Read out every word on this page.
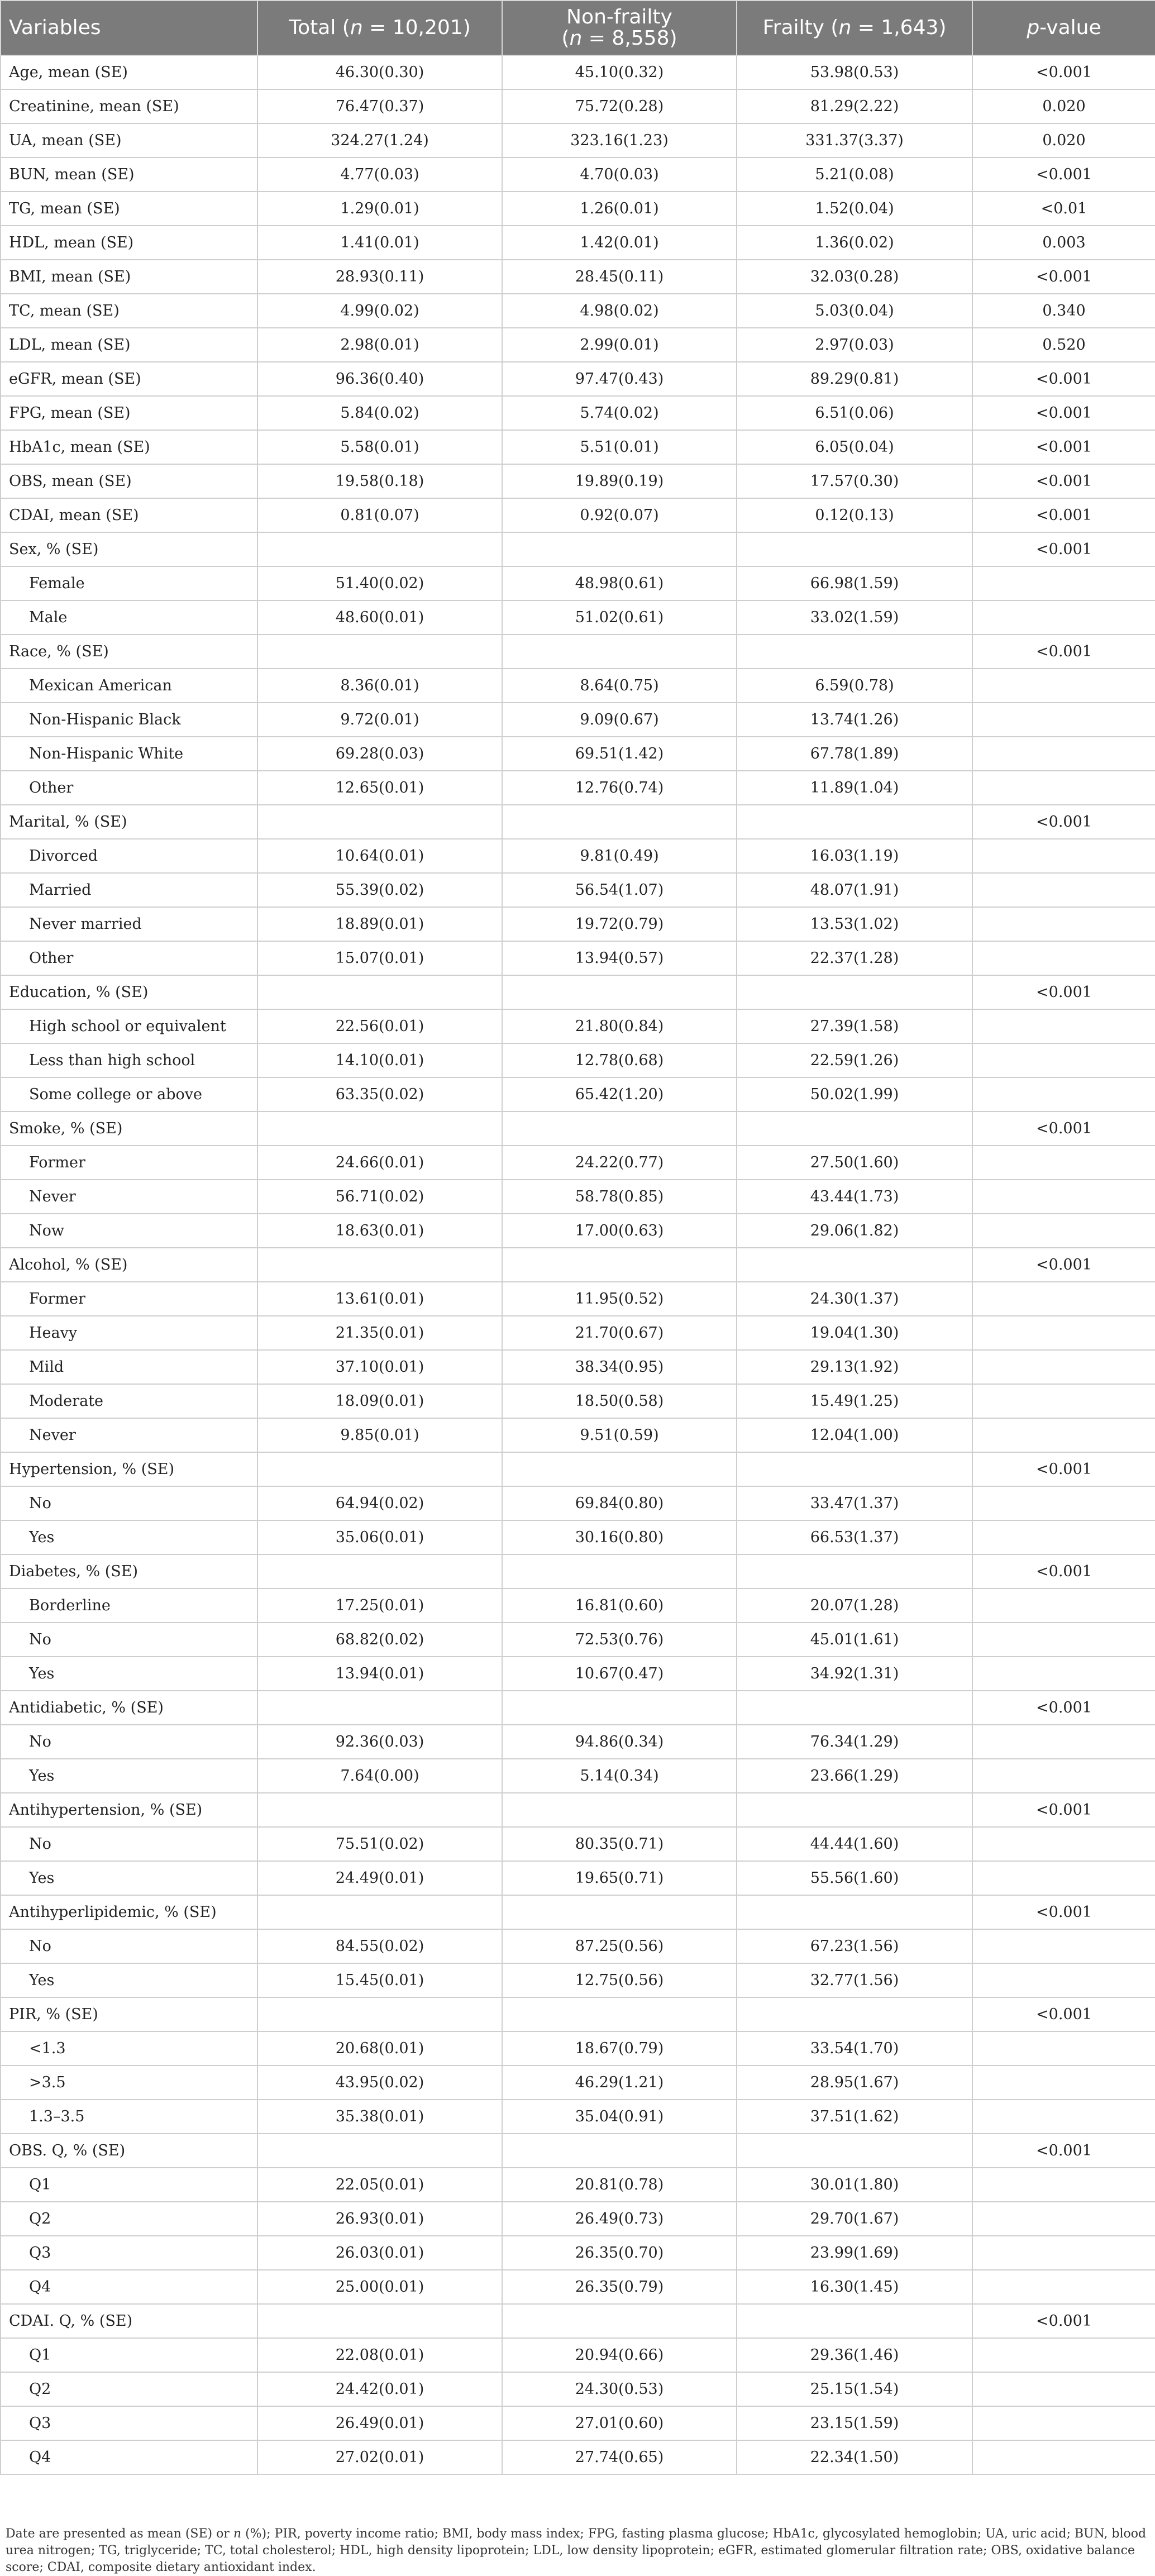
Variables	Total (n = 10,201)	Non-frailty
(n = 8,558)	Frailty (n = 1,643)	p-value
Age, mean (SE)	46.30(0.30)	45.10(0.32)	53.98(0.53)	<0.001
Creatinine, mean (SE)	76.47(0.37)	75.72(0.28)	81.29(2.22)	0.020
UA, mean (SE)	324.27(1.24)	323.16(1.23)	331.37(3.37)	0.020
BUN, mean (SE)	4.77(0.03)	4.70(0.03)	5.21(0.08)	<0.001
TG, mean (SE)	1.29(0.01)	1.26(0.01)	1.52(0.04)	<0.01
HDL, mean (SE)	1.41(0.01)	1.42(0.01)	1.36(0.02)	0.003
BMI, mean (SE)	28.93(0.11)	28.45(0.11)	32.03(0.28)	<0.001
TC, mean (SE)	4.99(0.02)	4.98(0.02)	5.03(0.04)	0.340
LDL, mean (SE)	2.98(0.01)	2.99(0.01)	2.97(0.03)	0.520
eGFR, mean (SE)	96.36(0.40)	97.47(0.43)	89.29(0.81)	<0.001
FPG, mean (SE)	5.84(0.02)	5.74(0.02)	6.51(0.06)	<0.001
HbA1c, mean (SE)	5.58(0.01)	5.51(0.01)	6.05(0.04)	<0.001
OBS, mean (SE)	19.58(0.18)	19.89(0.19)	17.57(0.30)	<0.001
CDAI, mean (SE)	0.81(0.07)	0.92(0.07)	0.12(0.13)	<0.001
Sex, % (SE)				<0.001
Female	51.40(0.02)	48.98(0.61)	66.98(1.59)	
Male	48.60(0.01)	51.02(0.61)	33.02(1.59)	
Race, % (SE)				<0.001
Mexican American	8.36(0.01)	8.64(0.75)	6.59(0.78)	
Non-Hispanic Black	9.72(0.01)	9.09(0.67)	13.74(1.26)	
Non-Hispanic White	69.28(0.03)	69.51(1.42)	67.78(1.89)	
Other	12.65(0.01)	12.76(0.74)	11.89(1.04)	
Marital, % (SE)				<0.001
Divorced	10.64(0.01)	9.81(0.49)	16.03(1.19)	
Married	55.39(0.02)	56.54(1.07)	48.07(1.91)	
Never married	18.89(0.01)	19.72(0.79)	13.53(1.02)	
Other	15.07(0.01)	13.94(0.57)	22.37(1.28)	
Education, % (SE)				<0.001
High school or equivalent	22.56(0.01)	21.80(0.84)	27.39(1.58)	
Less than high school	14.10(0.01)	12.78(0.68)	22.59(1.26)	
Some college or above	63.35(0.02)	65.42(1.20)	50.02(1.99)	
Smoke, % (SE)				<0.001
Former	24.66(0.01)	24.22(0.77)	27.50(1.60)	
Never	56.71(0.02)	58.78(0.85)	43.44(1.73)	
Now	18.63(0.01)	17.00(0.63)	29.06(1.82)	
Alcohol, % (SE)				<0.001
Former	13.61(0.01)	11.95(0.52)	24.30(1.37)	
Heavy	21.35(0.01)	21.70(0.67)	19.04(1.30)	
Mild	37.10(0.01)	38.34(0.95)	29.13(1.92)	
Moderate	18.09(0.01)	18.50(0.58)	15.49(1.25)	
Never	9.85(0.01)	9.51(0.59)	12.04(1.00)	
Hypertension, % (SE)				<0.001
No	64.94(0.02)	69.84(0.80)	33.47(1.37)	
Yes	35.06(0.01)	30.16(0.80)	66.53(1.37)	
Diabetes, % (SE)				<0.001
Borderline	17.25(0.01)	16.81(0.60)	20.07(1.28)	
No	68.82(0.02)	72.53(0.76)	45.01(1.61)	
Yes	13.94(0.01)	10.67(0.47)	34.92(1.31)	
Antidiabetic, % (SE)				<0.001
No	92.36(0.03)	94.86(0.34)	76.34(1.29)	
Yes	7.64(0.00)	5.14(0.34)	23.66(1.29)	
Antihypertension, % (SE)				<0.001
No	75.51(0.02)	80.35(0.71)	44.44(1.60)	
Yes	24.49(0.01)	19.65(0.71)	55.56(1.60)	
Antihyperlipidemic, % (SE)				<0.001
No	84.55(0.02)	87.25(0.56)	67.23(1.56)	
Yes	15.45(0.01)	12.75(0.56)	32.77(1.56)	
PIR, % (SE)				<0.001
<1.3	20.68(0.01)	18.67(0.79)	33.54(1.70)	
>3.5	43.95(0.02)	46.29(1.21)	28.95(1.67)	
1.3–3.5	35.38(0.01)	35.04(0.91)	37.51(1.62)	
OBS. Q, % (SE)				<0.001
Q1	22.05(0.01)	20.81(0.78)	30.01(1.80)	
Q2	26.93(0.01)	26.49(0.73)	29.70(1.67)	
Q3	26.03(0.01)	26.35(0.70)	23.99(1.69)	
Q4	25.00(0.01)	26.35(0.79)	16.30(1.45)	
CDAI. Q, % (SE)				<0.001
Q1	22.08(0.01)	20.94(0.66)	29.36(1.46)	
Q2	24.42(0.01)	24.30(0.53)	25.15(1.54)	
Q3	26.49(0.01)	27.01(0.60)	23.15(1.59)	
Q4	27.02(0.01)	27.74(0.65)	22.34(1.50)	
Date are presented as mean (SE) or n (%); PIR, poverty income ratio; BMI, body mass index; FPG, fasting plasma glucose; HbA1c, glycosylated hemoglobin; UA, uric acid; BUN, blood urea nitrogen; TG, triglyceride; TC, total cholesterol; HDL, high density lipoprotein; LDL, low density lipoprotein; eGFR, estimated glomerular filtration rate; OBS, oxidative balance score; CDAI, composite dietary antioxidant index.
